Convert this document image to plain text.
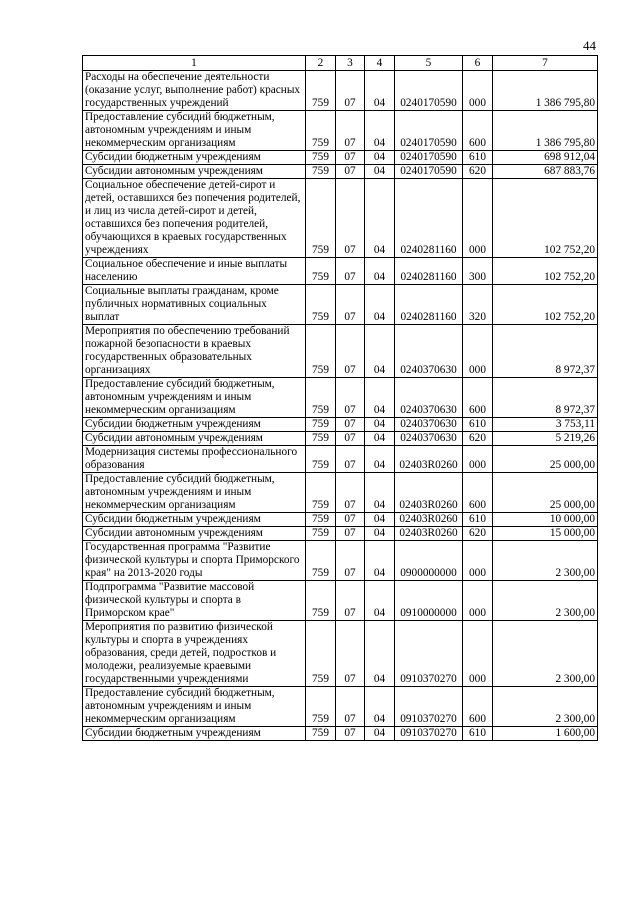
44
1	2	3	4	5	6	7
Расходы на обеспечение деятельности (оказание услуг, выполнение работ) красных государственных учреждений	759	07	04	0240170590	000	1 386 795,80
Предоставление субсидий бюджетным, автономным учреждениям и иным некоммерческим организациям	759	07	04	0240170590	600	1 386 795,80
Субсидии бюджетным учреждениям	759	07	04	0240170590	610	698 912,04
Субсидии автономным учреждениям	759	07	04	0240170590	620	687 883,76
Социальное обеспечение детей-сирот и детей, оставшихся без попечения родителей, и лиц из числа детей-сирот и детей, оставшихся без попечения родителей, обучающихся в краевых государственных учреждениях	759	07	04	0240281160	000	102 752,20
Социальное обеспечение и иные выплаты населению	759	07	04	0240281160	300	102 752,20
Социальные выплаты гражданам, кроме публичных нормативных социальных выплат	759	07	04	0240281160	320	102 752,20
Мероприятия по обеспечению требований пожарной безопасности в краевых государственных образовательных организациях	759	07	04	0240370630	000	8 972,37
Предоставление субсидий бюджетным, автономным учреждениям и иным некоммерческим организациям	759	07	04	0240370630	600	8 972,37
Субсидии бюджетным учреждениям	759	07	04	0240370630	610	3 753,11
Субсидии автономным учреждениям	759	07	04	0240370630	620	5 219,26
Модернизация системы профессионального образования	759	07	04	02403R0260	000	25 000,00
Предоставление субсидий бюджетным, автономным учреждениям и иным некоммерческим организациям	759	07	04	02403R0260	600	25 000,00
Субсидии бюджетным учреждениям	759	07	04	02403R0260	610	10 000,00
Субсидии автономным учреждениям	759	07	04	02403R0260	620	15 000,00
Государственная программа "Развитие физической культуры и спорта Приморского края" на 2013-2020 годы	759	07	04	0900000000	000	2 300,00
Подпрограмма "Развитие массовой физической культуры и спорта в Приморском крае"	759	07	04	0910000000	000	2 300,00
Мероприятия по развитию физической культуры и спорта в учреждениях образования, среди детей, подростков и молодежи, реализуемые краевыми государственными учреждениями	759	07	04	0910370270	000	2 300,00
Предоставление субсидий бюджетным, автономным учреждениям и иным некоммерческим организациям	759	07	04	0910370270	600	2 300,00
Субсидии бюджетным учреждениям	759	07	04	0910370270	610	1 600,00
